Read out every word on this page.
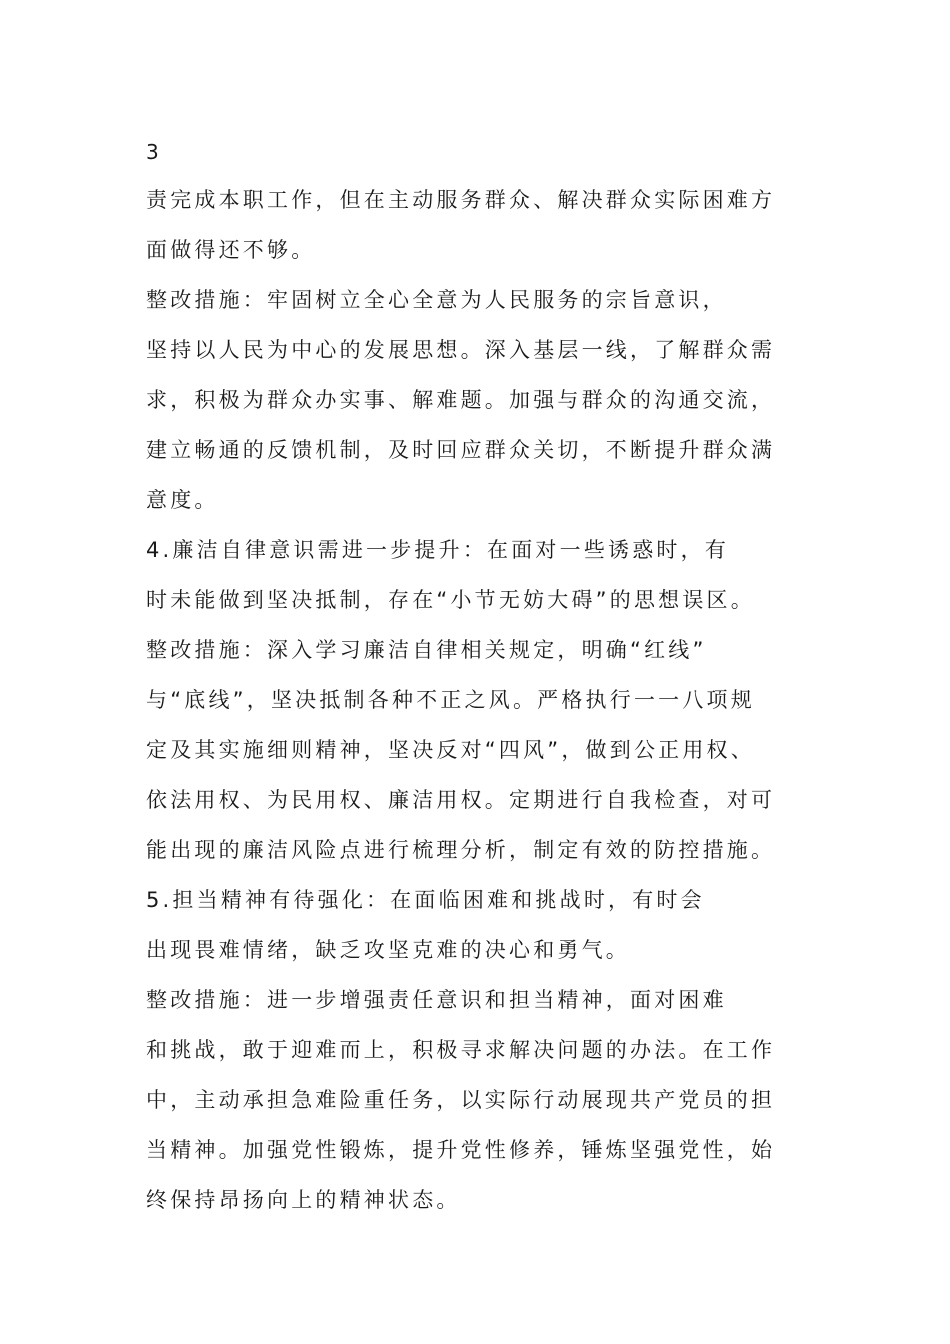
3
责完成本职工作，但在主动服务群众、解决群众实际困难方
面做得还不够。
整改措施：牢固树立全心全意为人民服务的宗旨意识，
坚持以人民为中心的发展思想。深入基层一线，了解群众需
求，积极为群众办实事、解难题。加强与群众的沟通交流，
建立畅通的反馈机制，及时回应群众关切，不断提升群众满
意度。
4.廉洁自律意识需进一步提升：在面对一些诱惑时，有
时未能做到坚决抵制，存在“小节无妨大碍”的思想误区。
整改措施：深入学习廉洁自律相关规定，明确“红线”
与“底线”，坚决抵制各种不正之风。严格执行一一八项规
定及其实施细则精神，坚决反对“四风”，做到公正用权、
依法用权、为民用权、廉洁用权。定期进行自我检查，对可
能出现的廉洁风险点进行梳理分析，制定有效的防控措施。
5.担当精神有待强化：在面临困难和挑战时，有时会
出现畏难情绪，缺乏攻坚克难的决心和勇气。
整改措施：进一步增强责任意识和担当精神，面对困难
和挑战，敢于迎难而上，积极寻求解决问题的办法。在工作
中，主动承担急难险重任务，以实际行动展现共产党员的担
当精神。加强党性锻炼，提升党性修养，锤炼坚强党性，始
终保持昂扬向上的精神状态。
